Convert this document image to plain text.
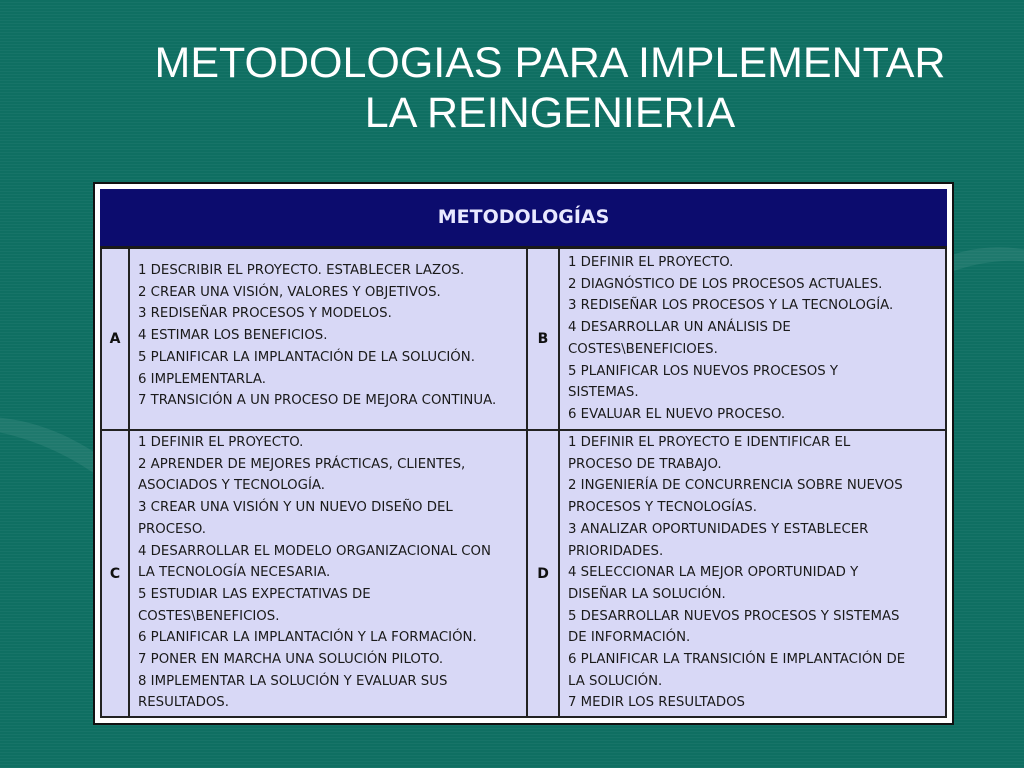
METODOLOGIAS PARA IMPLEMENTAR
LA REINGENIERIA
METODOLOGÍAS
A
1 DESCRIBIR EL PROYECTO. ESTABLECER LAZOS.
2 CREAR UNA VISIÓN, VALORES Y OBJETIVOS.
3 REDISEÑAR PROCESOS Y MODELOS.
4 ESTIMAR LOS BENEFICIOS.
5 PLANIFICAR LA IMPLANTACIÓN DE LA SOLUCIÓN.
6 IMPLEMENTARLA.
7 TRANSICIÓN A UN PROCESO DE MEJORA CONTINUA.
B
1 DEFINIR EL PROYECTO.
2 DIAGNÓSTICO DE LOS PROCESOS ACTUALES.
3 REDISEÑAR LOS PROCESOS Y LA TECNOLOGÍA.
4 DESARROLLAR UN ANÁLISIS DE
COSTES\BENEFICIOES.
5 PLANIFICAR LOS NUEVOS PROCESOS Y
SISTEMAS.
6 EVALUAR EL NUEVO PROCESO.
C
1 DEFINIR EL PROYECTO.
2 APRENDER DE MEJORES PRÁCTICAS, CLIENTES,
ASOCIADOS Y TECNOLOGÍA.
3 CREAR UNA VISIÓN Y UN NUEVO DISEÑO DEL
PROCESO.
4 DESARROLLAR EL MODELO ORGANIZACIONAL CON
LA TECNOLOGÍA NECESARIA.
5 ESTUDIAR LAS EXPECTATIVAS DE
COSTES\BENEFICIOS.
6 PLANIFICAR LA IMPLANTACIÓN Y LA FORMACIÓN.
7 PONER EN MARCHA UNA SOLUCIÓN PILOTO.
8 IMPLEMENTAR LA SOLUCIÓN Y EVALUAR SUS
RESULTADOS.
D
1 DEFINIR EL PROYECTO E IDENTIFICAR EL
PROCESO DE TRABAJO.
2 INGENIERÍA DE CONCURRENCIA SOBRE NUEVOS
PROCESOS Y TECNOLOGÍAS.
3 ANALIZAR OPORTUNIDADES Y ESTABLECER
PRIORIDADES.
4 SELECCIONAR LA MEJOR OPORTUNIDAD Y
DISEÑAR LA SOLUCIÓN.
5 DESARROLLAR NUEVOS PROCESOS Y SISTEMAS
DE INFORMACIÓN.
6 PLANIFICAR LA TRANSICIÓN E IMPLANTACIÓN DE
LA SOLUCIÓN.
7 MEDIR LOS RESULTADOS
